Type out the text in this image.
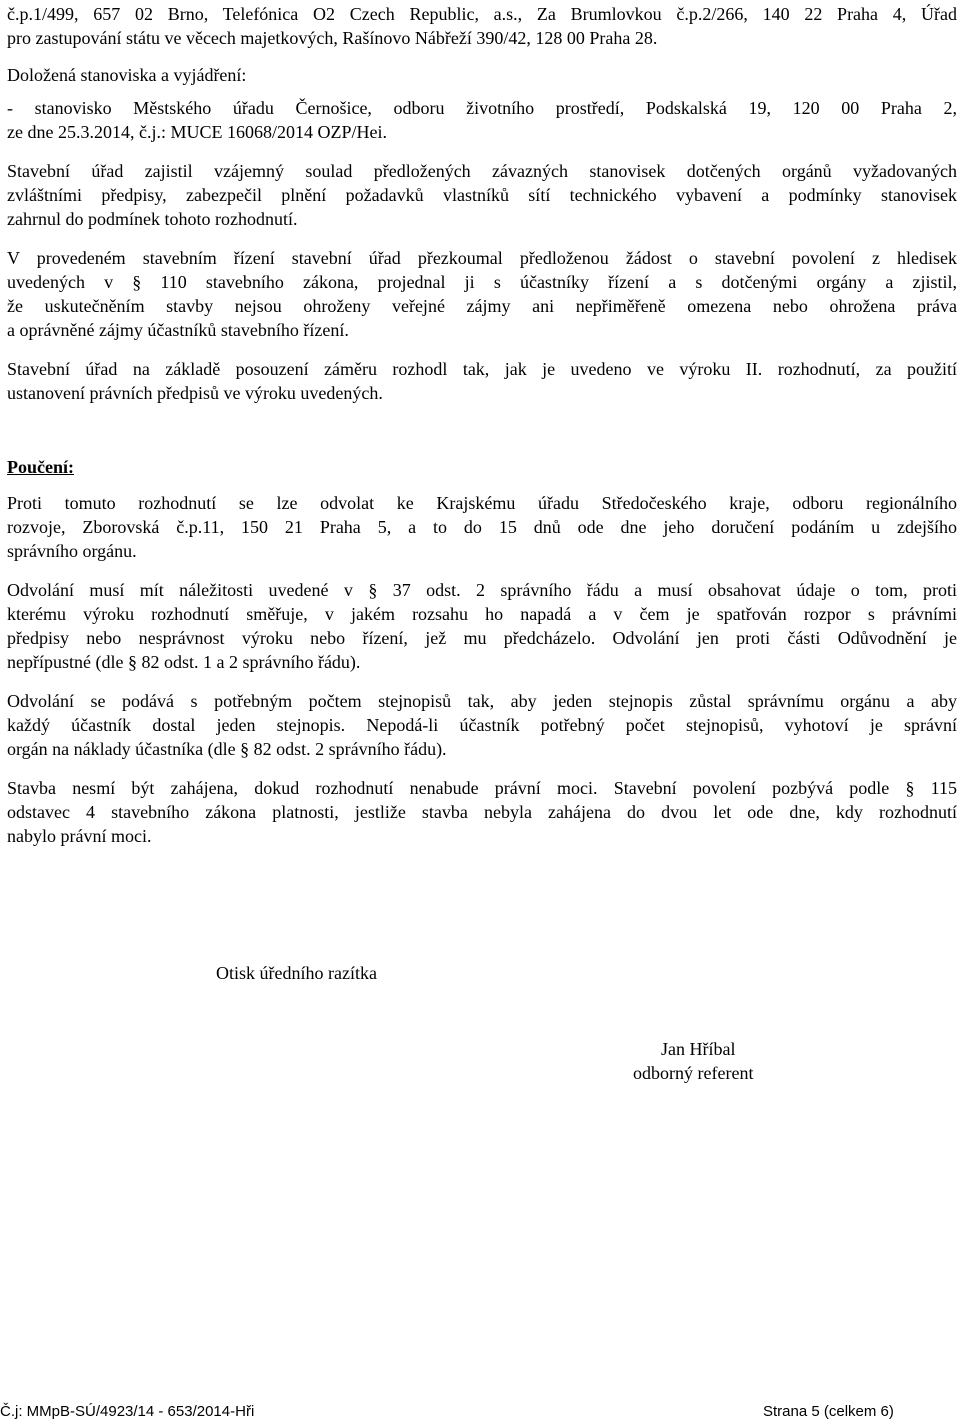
č.p.1/499, 657 02 Brno, Telefónica O2 Czech Republic, a.s., Za Brumlovkou č.p.2/266, 140 22 Praha 4, Úřad
pro zastupování státu ve věcech majetkových, Rašínovo Nábřeží 390/42, 128 00 Praha 28.
Doložená stanoviska a vyjádření:
- stanovisko Městského úřadu Černošice, odboru životního prostředí, Podskalská 19, 120 00 Praha 2,
ze dne 25.3.2014, č.j.: MUCE 16068/2014 OZP/Hei.
Stavební úřad zajistil vzájemný soulad předložených závazných stanovisek dotčených orgánů vyžadovaných
zvláštními předpisy, zabezpečil plnění požadavků vlastníků sítí technického vybavení a podmínky stanovisek
zahrnul do podmínek tohoto rozhodnutí.
V provedeném stavebním řízení stavební úřad přezkoumal předloženou žádost o stavební povolení z hledisek
uvedených v § 110 stavebního zákona, projednal ji s účastníky řízení a s dotčenými orgány a zjistil,
že uskutečněním stavby nejsou ohroženy veřejné zájmy ani nepřiměřeně omezena nebo ohrožena práva
a oprávněné zájmy účastníků stavebního řízení.
Stavební úřad na základě posouzení záměru rozhodl tak, jak je uvedeno ve výroku II. rozhodnutí, za použití
ustanovení právních předpisů ve výroku uvedených.
Poučení:
Proti tomuto rozhodnutí se lze odvolat ke Krajskému úřadu Středočeského kraje, odboru regionálního
rozvoje, Zborovská č.p.11, 150 21 Praha 5, a to do 15 dnů ode dne jeho doručení podáním u zdejšího
správního orgánu.
Odvolání musí mít náležitosti uvedené v § 37 odst. 2 správního řádu a musí obsahovat údaje o tom, proti
kterému výroku rozhodnutí směřuje, v jakém rozsahu ho napadá a v čem je spatřován rozpor s právními
předpisy nebo nesprávnost výroku nebo řízení, jež mu předcházelo. Odvolání jen proti části Odůvodnění je
nepřípustné (dle § 82 odst. 1 a 2 správního řádu).
Odvolání se podává s potřebným počtem stejnopisů tak, aby jeden stejnopis zůstal správnímu orgánu a aby
každý účastník dostal jeden stejnopis. Nepodá-li účastník potřebný počet stejnopisů, vyhotoví je správní
orgán na náklady účastníka (dle § 82 odst. 2 správního řádu).
Stavba nesmí být zahájena, dokud rozhodnutí nenabude právní moci. Stavební povolení pozbývá podle § 115
odstavec 4 stavebního zákona platnosti, jestliže stavba nebyla zahájena do dvou let ode dne, kdy rozhodnutí
nabylo právní moci.
Otisk úředního razítka
Jan Hříbal
odborný referent
Č.j: MMpB-SÚ/4923/14 - 653/2014-Hři	Strana 5 (celkem 6)
